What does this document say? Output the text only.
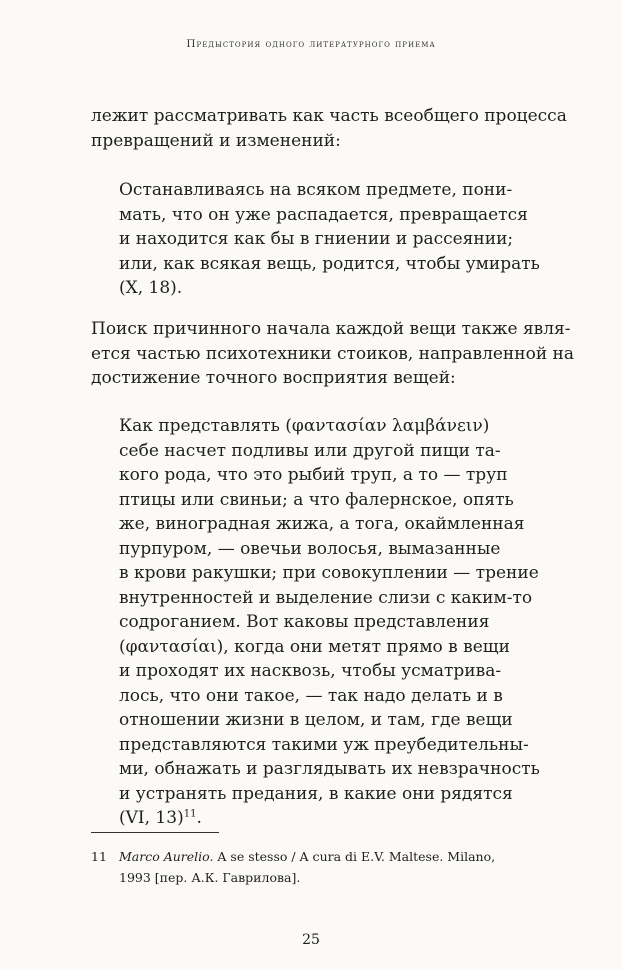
Предыстория одного литературного приема

лежит рассматривать как часть всеобщего процесса
превращений и изменений:

Останавливаясь на всяком предмете, пони-
мать, что он уже распадается, превращается
и находится как бы в гниении и рассеянии;
или, как всякая вещь, родится, чтобы умирать
(X, 18).

Поиск причинного начала каждой вещи также явля-
ется частью психотехники стоиков, направленной на
достижение точного восприятия вещей:

Как представлять (φαντασίαν λαμβάνειν)
себе насчет подливы или другой пищи та-
кого рода, что это рыбий труп, а то — труп
птицы или свиньи; а что фалернское, опять
же, виноградная жижа, а тога, окаймленная
пурпуром, — овечьи волосья, вымазанные
в крови ракушки; при совокуплении — трение
внутренностей и выделение слизи с каким-то
содроганием. Вот каковы представления
(φαντασίαι), когда они метят прямо в вещи
и проходят их насквозь, чтобы усматрива-
лось, что они такое, — так надо делать и в
отношении жизни в целом, и там, где вещи
представляются такими уж преубедительны-
ми, обнажать и разглядывать их невзрачность
и устранять предания, в какие они рядятся
(VI, 13)$^{11}$.

11 Marco Aurelio. A se stesso / A cura di E.V. Maltese. Milano,
1993 [пер. А.К. Гаврилова].
25
